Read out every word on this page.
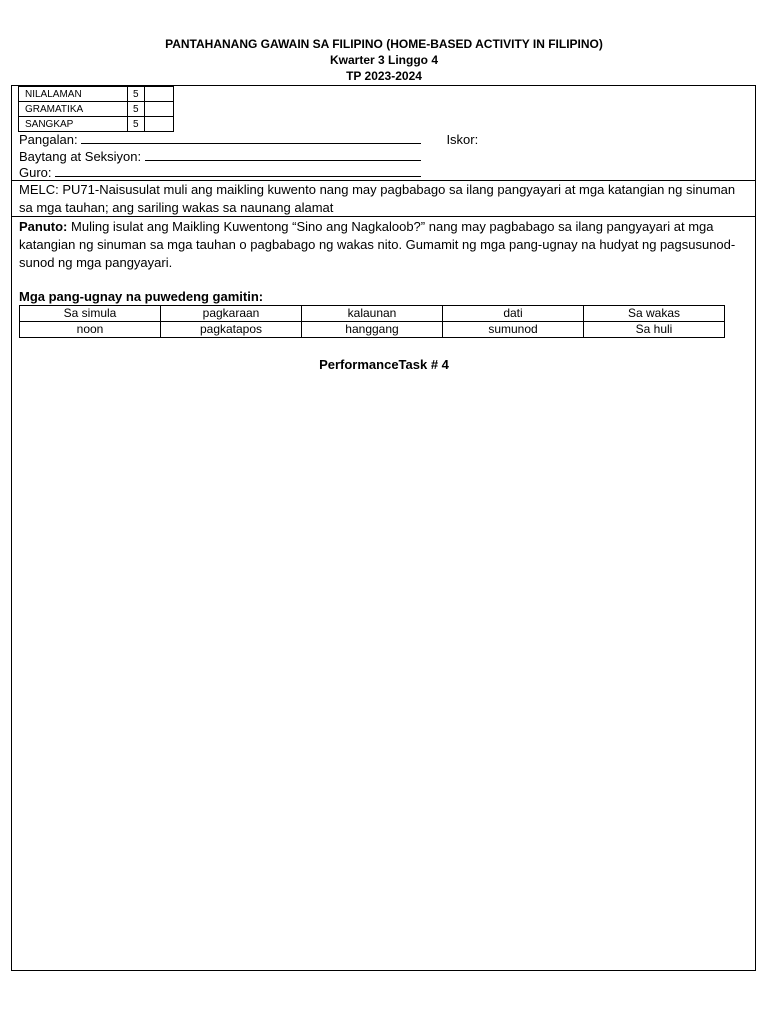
PANTAHANANG GAWAIN SA FILIPINO (HOME-BASED ACTIVITY IN FILIPINO)
Kwarter 3 Linggo 4
TP 2023-2024
NILALAMAN	5	
GRAMATIKA	5	
SANGKAP	5	
Pangalan:	Iskor:
Baytang at Seksiyon:
Guro:
MELC: PU71-Naisusulat muli ang maikling kuwento nang may pagbabago sa ilang pangyayari at mga katangian ng sinuman sa mga tauhan; ang sariling wakas sa naunang alamat
Panuto: Muling isulat ang Maikling Kuwentong “Sino ang Nagkaloob?” nang may pagbabago sa ilang pangyayari at mga katangian ng sinuman sa mga tauhan o pagbabago ng wakas nito. Gumamit ng mga pang-ugnay na hudyat ng pagsusunod-sunod ng mga pangyayari.
Mga pang-ugnay na puwedeng gamitin:
Sa simula	pagkaraan	kalaunan	dati	Sa wakas
noon	pagkatapos	hanggang	sumunod	Sa huli
PerformanceTask # 4
